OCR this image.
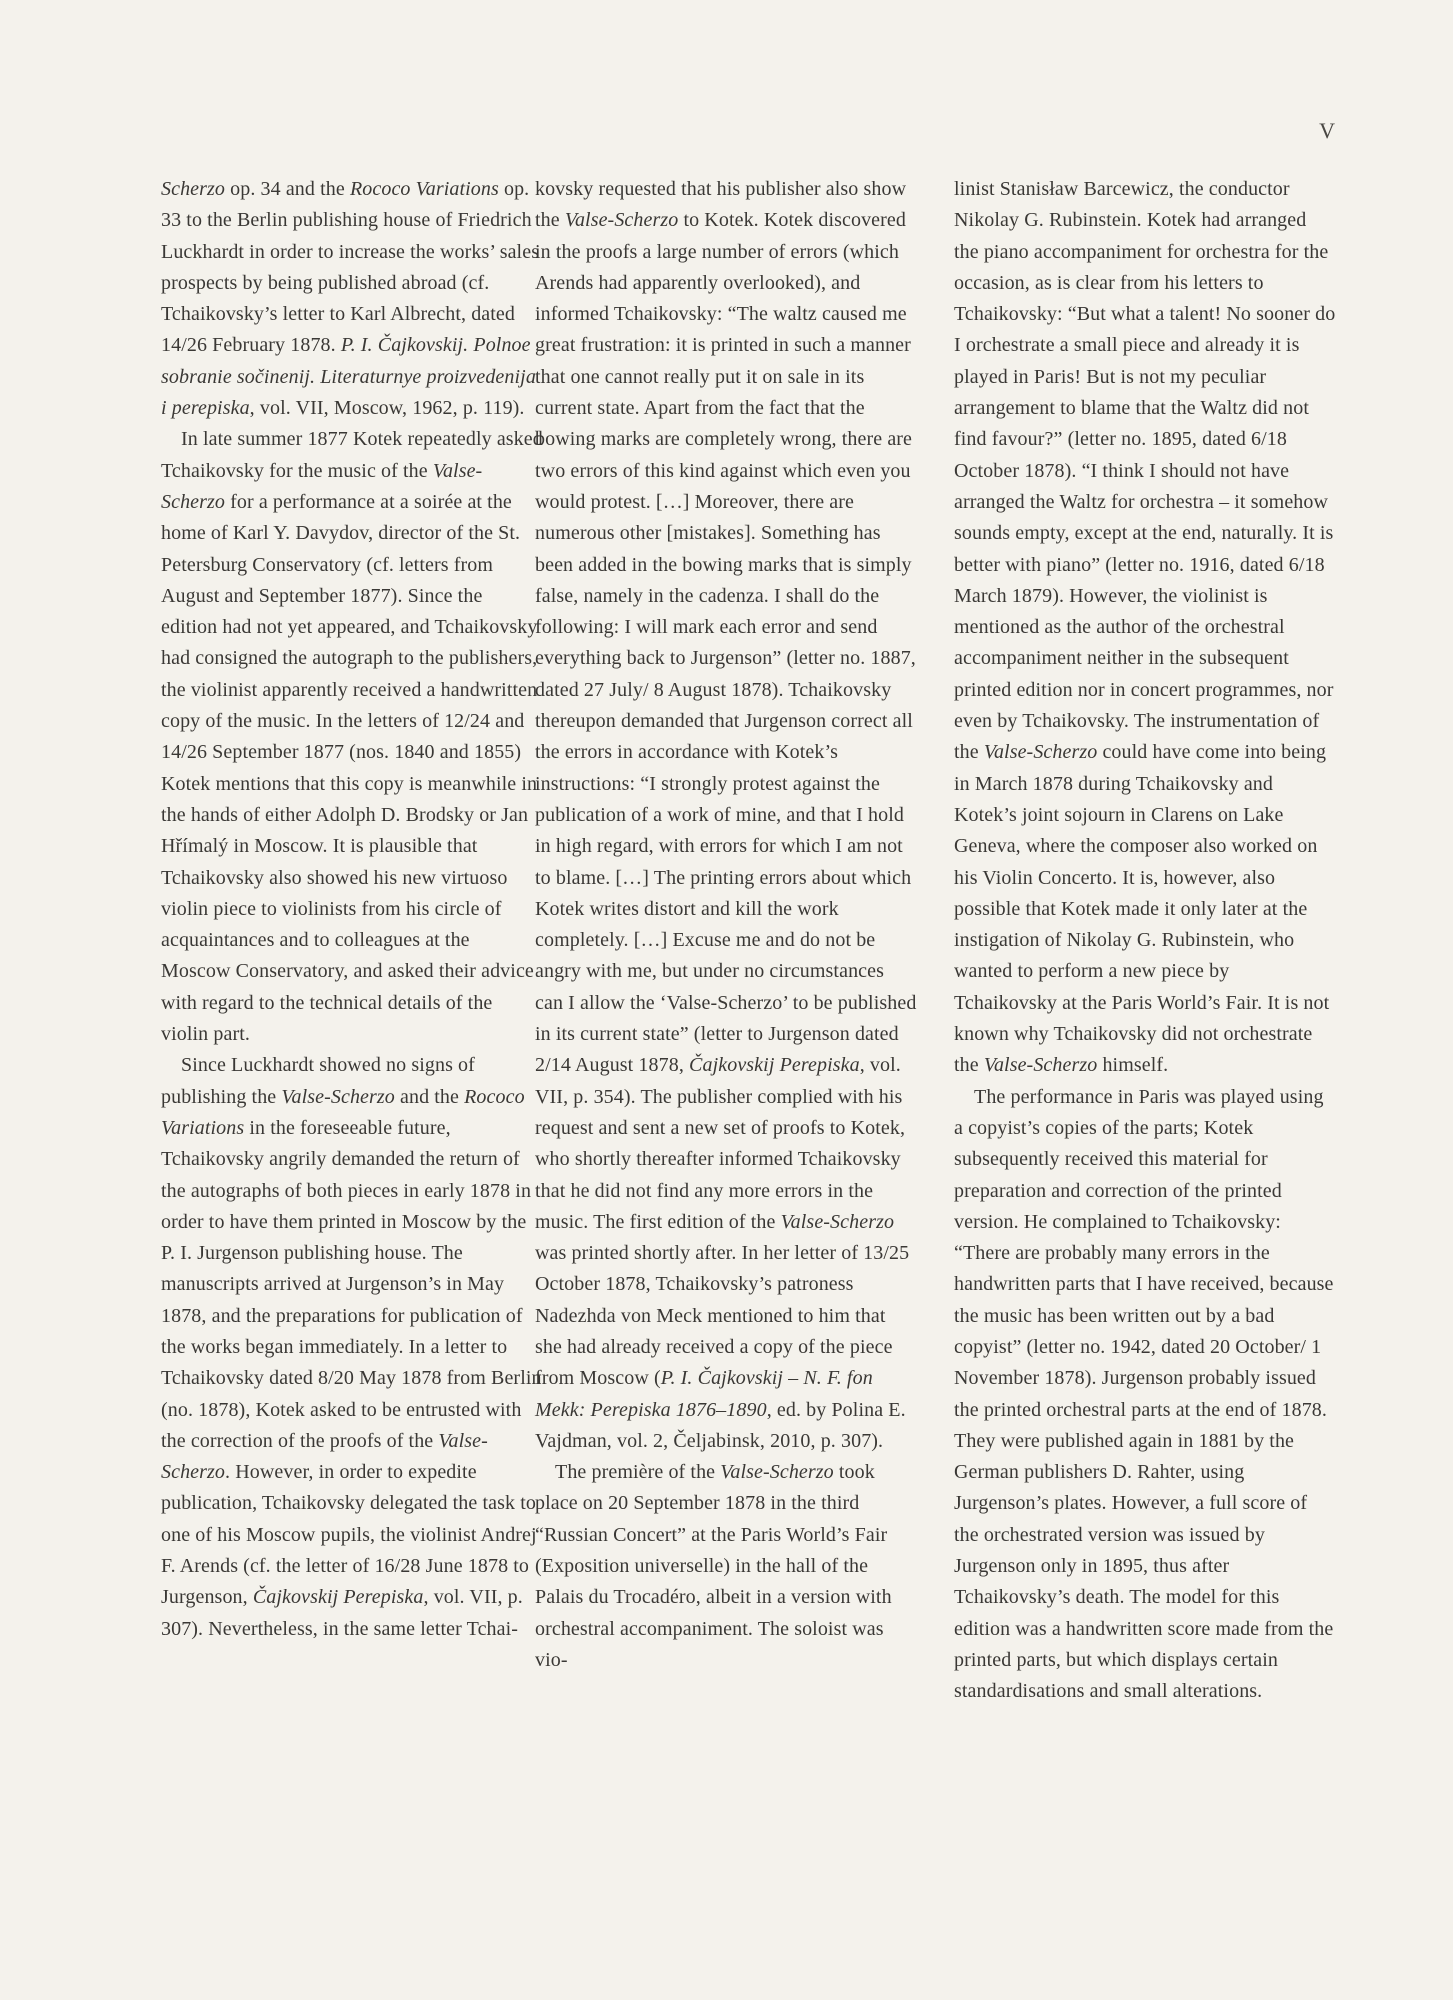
V

Scherzo op. 34 and the Rococo Variations op. 33 to the Berlin publishing house of Friedrich Luckhardt in order to increase the works’ sales prospects by being published abroad (cf. Tchaikovsky’s letter to Karl Albrecht, dated 14/26 February 1878. P. I. Čajkovskij. Polnoe sobranie sočinenij. Literaturnye proizvedenija i perepiska, vol. VII, Moscow, 1962, p. 119).

In late summer 1877 Kotek repeatedly asked Tchaikovsky for the music of the Valse-Scherzo for a performance at a soirée at the home of Karl Y. Davydov, director of the St. Petersburg Conservatory (cf. letters from August and September 1877). Since the edition had not yet appeared, and Tchaikovsky had consigned the autograph to the publishers, the violinist apparently received a handwritten copy of the music. In the letters of 12/24 and 14/26 September 1877 (nos. 1840 and 1855) Kotek mentions that this copy is meanwhile in the hands of either Adolph D. Brodsky or Jan Hřímalý in Moscow. It is plausible that Tchaikovsky also showed his new virtuoso violin piece to violinists from his circle of acquaintances and to colleagues at the Moscow Conservatory, and asked their advice with regard to the technical details of the violin part.

Since Luckhardt showed no signs of publishing the Valse-Scherzo and the Rococo Variations in the foreseeable future, Tchaikovsky angrily demanded the return of the autographs of both pieces in early 1878 in order to have them printed in Moscow by the P. I. Jurgenson publishing house. The manuscripts arrived at Jurgenson’s in May 1878, and the preparations for publication of the works began immediately. In a letter to Tchaikovsky dated 8/20 May 1878 from Berlin (no. 1878), Kotek asked to be entrusted with the correction of the proofs of the Valse-Scherzo. However, in order to expedite publication, Tchaikovsky delegated the task to one of his Moscow pupils, the violinist Andrej F. Arends (cf. the letter of 16/28 June 1878 to Jurgenson, Čajkovskij Perepiska, vol. VII, p. 307). Nevertheless, in the same letter Tchai-

kovsky requested that his publisher also show the Valse-Scherzo to Kotek. Kotek discovered in the proofs a large number of errors (which Arends had apparently overlooked), and informed Tchaikovsky: “The waltz caused me great frustration: it is printed in such a manner that one cannot really put it on sale in its current state. Apart from the fact that the bowing marks are completely wrong, there are two errors of this kind against which even you would protest. […] Moreover, there are numerous other [mistakes]. Something has been added in the bowing marks that is simply false, namely in the cadenza. I shall do the following: I will mark each error and send everything back to Jurgenson” (letter no. 1887, dated 27 July/ 8 August 1878). Tchaikovsky thereupon demanded that Jurgenson correct all the errors in accordance with Kotek’s instructions: “I strongly protest against the publication of a work of mine, and that I hold in high regard, with errors for which I am not to blame. […] The printing errors about which Kotek writes distort and kill the work completely. […] Excuse me and do not be angry with me, but under no circumstances can I allow the ‘Valse-Scherzo’ to be published in its current state” (letter to Jurgenson dated 2/14 August 1878, Čajkovskij Perepiska, vol. VII, p. 354). The publisher complied with his request and sent a new set of proofs to Kotek, who shortly thereafter informed Tchaikovsky that he did not find any more errors in the music. The first edition of the Valse-Scherzo was printed shortly after. In her letter of 13/25 October 1878, Tchaikovsky’s patroness Nadezhda von Meck mentioned to him that she had already received a copy of the piece from Moscow (P. I. Čajkovskij – N. F. fon Mekk: Perepiska 1876–1890, ed. by Polina E. Vajdman, vol. 2, Čeljabinsk, 2010, p. 307).

The première of the Valse-Scherzo took place on 20 September 1878 in the third “Russian Concert” at the Paris World’s Fair (Exposition universelle) in the hall of the Palais du Trocadéro, albeit in a version with orchestral accompaniment. The soloist was vio-

linist Stanisław Barcewicz, the conductor Nikolay G. Rubinstein. Kotek had arranged the piano accompaniment for orchestra for the occasion, as is clear from his letters to Tchaikovsky: “But what a talent! No sooner do I orchestrate a small piece and already it is played in Paris! But is not my peculiar arrangement to blame that the Waltz did not find favour?” (letter no. 1895, dated 6/18 October 1878). “I think I should not have arranged the Waltz for orchestra – it somehow sounds empty, except at the end, naturally. It is better with piano” (letter no. 1916, dated 6/18 March 1879). However, the violinist is mentioned as the author of the orchestral accompaniment neither in the subsequent printed edition nor in concert programmes, nor even by Tchaikovsky. The instrumentation of the Valse-Scherzo could have come into being in March 1878 during Tchaikovsky and Kotek’s joint sojourn in Clarens on Lake Geneva, where the composer also worked on his Violin Concerto. It is, however, also possible that Kotek made it only later at the instigation of Nikolay G. Rubinstein, who wanted to perform a new piece by Tchaikovsky at the Paris World’s Fair. It is not known why Tchaikovsky did not orchestrate the Valse-Scherzo himself.

The performance in Paris was played using a copyist’s copies of the parts; Kotek subsequently received this material for preparation and correction of the printed version. He complained to Tchaikovsky: “There are probably many errors in the handwritten parts that I have received, because the music has been written out by a bad copyist” (letter no. 1942, dated 20 October/ 1 November 1878). Jurgenson probably issued the printed orchestral parts at the end of 1878. They were published again in 1881 by the German publishers D. Rahter, using Jurgenson’s plates. However, a full score of the orchestrated version was issued by Jurgenson only in 1895, thus after Tchaikovsky’s death. The model for this edition was a handwritten score made from the printed parts, but which displays certain standardisations and small alterations.
